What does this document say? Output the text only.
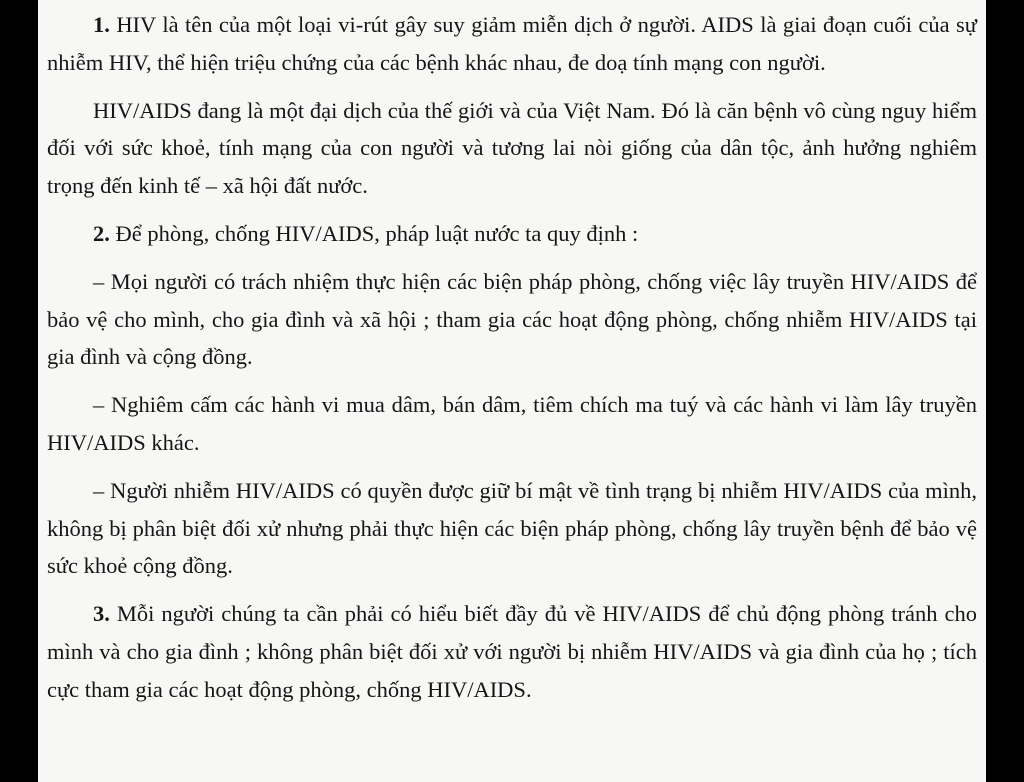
1. HIV là tên của một loại vi-rút gây suy giảm miễn dịch ở người. AIDS là giai đoạn cuối của sự nhiễm HIV, thể hiện triệu chứng của các bệnh khác nhau, đe doạ tính mạng con người.

HIV/AIDS đang là một đại dịch của thế giới và của Việt Nam. Đó là căn bệnh vô cùng nguy hiểm đối với sức khoẻ, tính mạng của con người và tương lai nòi giống của dân tộc, ảnh hưởng nghiêm trọng đến kinh tế – xã hội đất nước.

2. Để phòng, chống HIV/AIDS, pháp luật nước ta quy định :

– Mọi người có trách nhiệm thực hiện các biện pháp phòng, chống việc lây truyền HIV/AIDS để bảo vệ cho mình, cho gia đình và xã hội ; tham gia các hoạt động phòng, chống nhiễm HIV/AIDS tại gia đình và cộng đồng.

– Nghiêm cấm các hành vi mua dâm, bán dâm, tiêm chích ma tuý và các hành vi làm lây truyền HIV/AIDS khác.

– Người nhiễm HIV/AIDS có quyền được giữ bí mật về tình trạng bị nhiễm HIV/AIDS của mình, không bị phân biệt đối xử nhưng phải thực hiện các biện pháp phòng, chống lây truyền bệnh để bảo vệ sức khoẻ cộng đồng.

3. Mỗi người chúng ta cần phải có hiểu biết đầy đủ về HIV/AIDS để chủ động phòng tránh cho mình và cho gia đình ; không phân biệt đối xử với người bị nhiễm HIV/AIDS và gia đình của họ ; tích cực tham gia các hoạt động phòng, chống HIV/AIDS.
